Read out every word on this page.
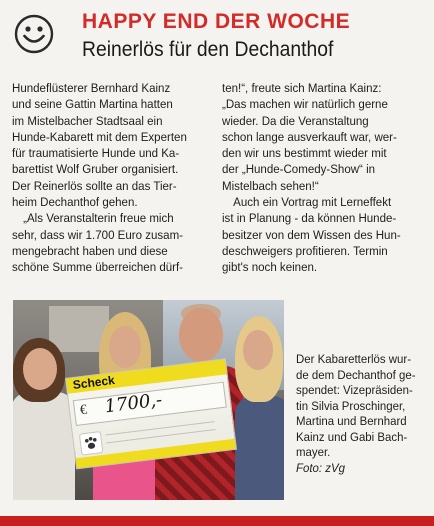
HAPPY END DER WOCHE
Reinerlös für den Dechanthof
Hundeflüsterer Bernhard Kainz
und seine Gattin Martina hatten
im Mistelbacher Stadtsaal ein
Hunde-Kabarett mit dem Experten
für traumatisierte Hunde und Ka-
barettist Wolf Gruber organisiert.
Der Reinerlös sollte an das Tier-
heim Dechanthof gehen.
„Als Veranstalterin freue mich
sehr, dass wir 1.700 Euro zusam-
mengebracht haben und diese
schöne Summe überreichen dürf-
ten!“, freute sich Martina Kainz:
„Das machen wir natürlich gerne
wieder. Da die Veranstaltung
schon lange ausverkauft war, wer-
den wir uns bestimmt wieder mit
der „Hunde-Comedy-Show“ in
Mistelbach sehen!“
Auch ein Vortrag mit Lerneffekt
ist in Planung - da können Hunde-
besitzer von dem Wissen des Hun-
deschweigers profitieren. Termin
gibt's noch keinen.
Scheck
€ 1700,-
Der Kabaretterlös wur-
de dem Dechanthof ge-
spendet: Vizepräsiden-
tin Silvia Proschinger,
Martina und Bernhard
Kainz und Gabi Bach-
mayer.
Foto: zVg
